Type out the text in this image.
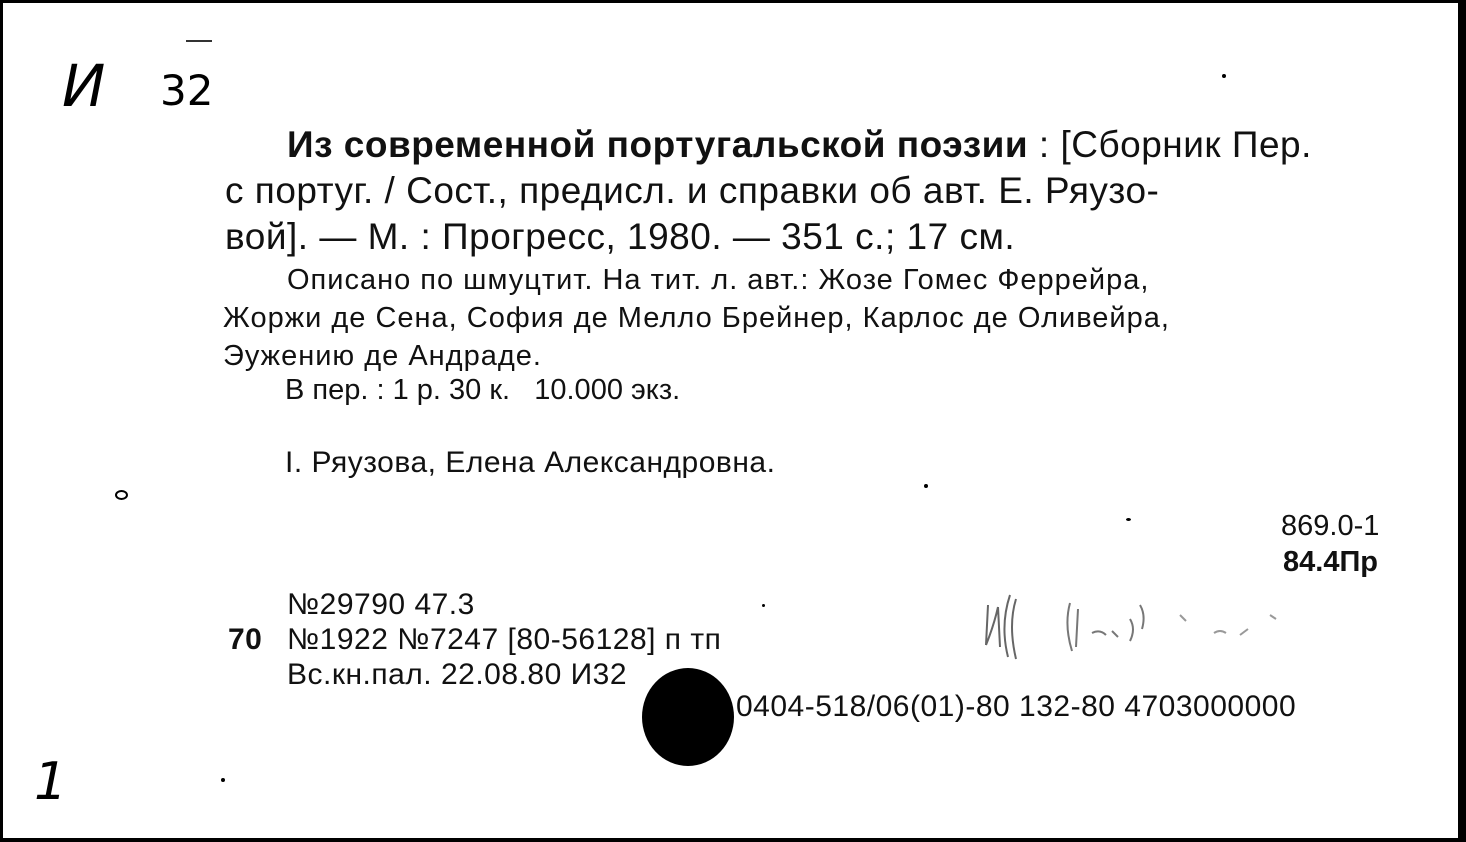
И 32
1
Из современной португальской поэзии : [Сборник Пер.
с португ. / Сост., предисл. и справки об авт. Е. Ряузо-
вой]. — М. : Прогресс, 1980. — 351 с.; 17 см.
Описано по шмуцтит. На тит. л. авт.: Жозе Гомес Феррейра,
Жоржи де Сена, София де Мелло Брейнер, Карлос де Оливейра,
Эужению де Андраде.
В пер. : 1 р. 30 к.   10.000 экз.
I. Ряузова, Елена Александровна.
869.0-1
84.4Пр
№29790 47.3
70 №1922 №7247 [80-56128] п тп
Вс.кн.пал. 22.08.80 И32
0404-518/06(01)-80 132-80 4703000000
